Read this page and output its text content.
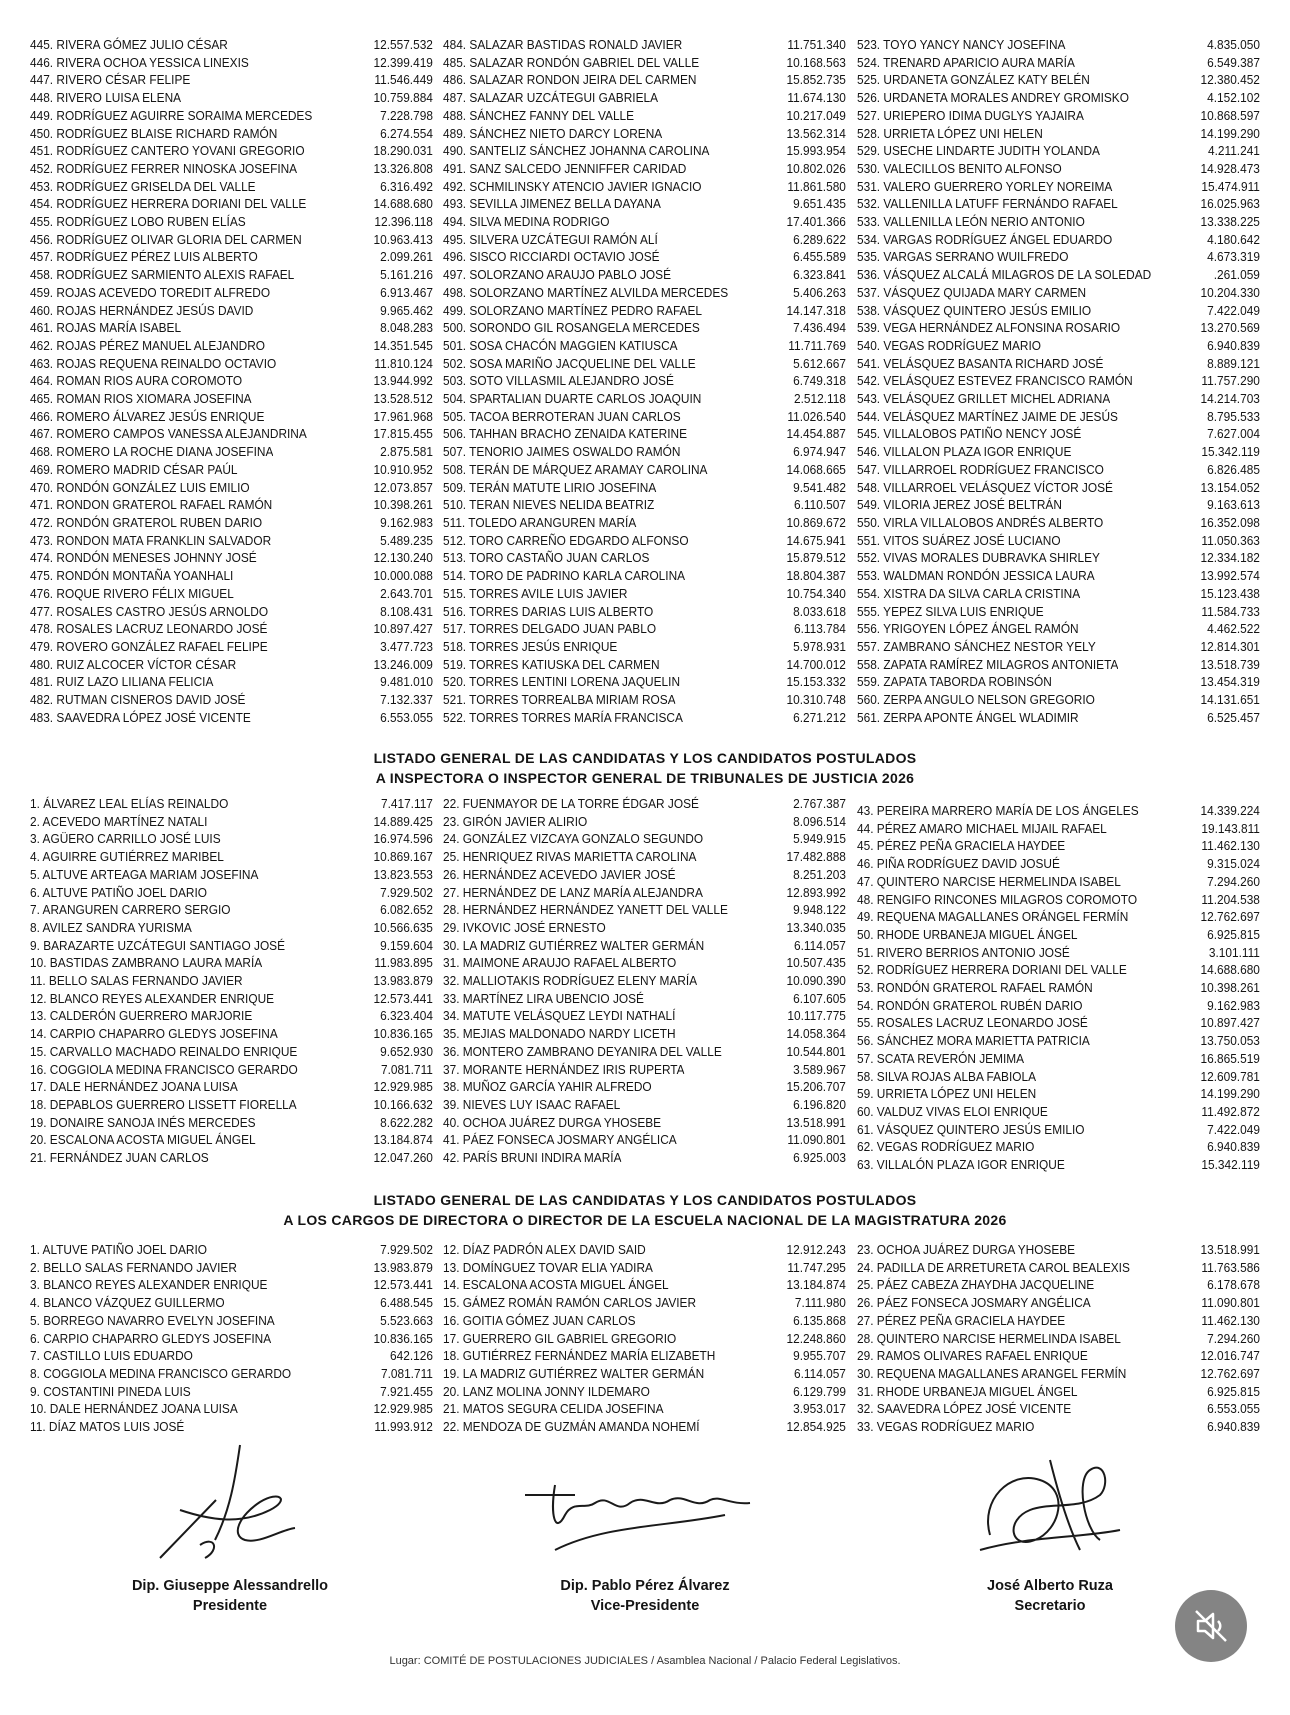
445. RIVERA GÓMEZ JULIO CÉSAR	12.557.532
446. RIVERA OCHOA YESSICA LINEXIS	12.399.419
447. RIVERO CÉSAR FELIPE	11.546.449
448. RIVERO LUISA ELENA	10.759.884
449. RODRÍGUEZ AGUIRRE SORAIMA MERCEDES	7.228.798
450. RODRÍGUEZ BLAISE RICHARD RAMÓN	6.274.554
451. RODRÍGUEZ CANTERO YOVANI GREGORIO	18.290.031
452. RODRÍGUEZ FERRER NINOSKA JOSEFINA	13.326.808
453. RODRÍGUEZ GRISELDA DEL VALLE	6.316.492
454. RODRÍGUEZ HERRERA DORIANI DEL VALLE	14.688.680
455. RODRÍGUEZ LOBO RUBEN ELÍAS	12.396.118
456. RODRÍGUEZ OLIVAR GLORIA DEL CARMEN	10.963.413
457. RODRÍGUEZ PÉREZ LUIS ALBERTO	2.099.261
458. RODRÍGUEZ SARMIENTO ALEXIS RAFAEL	5.161.216
459. ROJAS ACEVEDO TOREDIT ALFREDO	6.913.467
460. ROJAS HERNÁNDEZ JESÚS DAVID	9.965.462
461. ROJAS MARÍA ISABEL	8.048.283
462. ROJAS PÉREZ MANUEL ALEJANDRO	14.351.545
463. ROJAS REQUENA REINALDO OCTAVIO	11.810.124
464. ROMAN RIOS AURA COROMOTO	13.944.992
465. ROMAN RIOS XIOMARA JOSEFINA	13.528.512
466. ROMERO ÁLVAREZ JESÚS ENRIQUE	17.961.968
467. ROMERO CAMPOS VANESSA ALEJANDRINA	17.815.455
468. ROMERO LA ROCHE DIANA JOSEFINA	2.875.581
469. ROMERO MADRID CÉSAR PAÚL	10.910.952
470. RONDÓN GONZÁLEZ LUIS EMILIO	12.073.857
471. RONDON GRATEROL RAFAEL RAMÓN	10.398.261
472. RONDÓN GRATEROL RUBEN DARIO	9.162.983
473. RONDON MATA FRANKLIN SALVADOR	5.489.235
474. RONDÓN MENESES JOHNNY JOSÉ	12.130.240
475. RONDÓN MONTAÑA YOANHALI	10.000.088
476. ROQUE RIVERO FÉLIX MIGUEL	2.643.701
477. ROSALES CASTRO JESÚS ARNOLDO	8.108.431
478. ROSALES LACRUZ LEONARDO JOSÉ	10.897.427
479. ROVERO GONZÁLEZ RAFAEL FELIPE	3.477.723
480. RUIZ ALCOCER VÍCTOR CÉSAR	13.246.009
481. RUIZ LAZO LILIANA FELICIA	9.481.010
482. RUTMAN CISNEROS DAVID JOSÉ	7.132.337
483. SAAVEDRA LÓPEZ JOSÉ VICENTE	6.553.055
484. SALAZAR BASTIDAS RONALD JAVIER	11.751.340
485. SALAZAR RONDÓN GABRIEL DEL VALLE	10.168.563
486. SALAZAR RONDON JEIRA DEL CARMEN	15.852.735
487. SALAZAR UZCÁTEGUI GABRIELA	11.674.130
488. SÁNCHEZ FANNY DEL VALLE	10.217.049
489. SÁNCHEZ NIETO DARCY LORENA	13.562.314
490. SANTELIZ SÁNCHEZ JOHANNA CAROLINA	15.993.954
491. SANZ SALCEDO JENNIFFER CARIDAD	10.802.026
492. SCHMILINSKY ATENCIO JAVIER IGNACIO	11.861.580
493. SEVILLA JIMENEZ BELLA DAYANA	9.651.435
494. SILVA MEDINA RODRIGO	17.401.366
495. SILVERA UZCÁTEGUI RAMÓN ALÍ	6.289.622
496. SISCO RICCIARDI OCTAVIO JOSÉ	6.455.589
497. SOLORZANO ARAUJO PABLO JOSÉ	6.323.841
498. SOLORZANO MARTÍNEZ ALVILDA MERCEDES	5.406.263
499. SOLORZANO MARTÍNEZ PEDRO RAFAEL	14.147.318
500. SORONDO GIL ROSANGELA MERCEDES	7.436.494
501. SOSA CHACÓN MAGGIEN KATIUSCA	11.711.769
502. SOSA MARIÑO JACQUELINE DEL VALLE	5.612.667
503. SOTO VILLASMIL ALEJANDRO JOSÉ	6.749.318
504. SPARTALIAN DUARTE CARLOS JOAQUIN	2.512.118
505. TACOA BERROTERAN JUAN CARLOS	11.026.540
506. TAHHAN BRACHO ZENAIDA KATERINE	14.454.887
507. TENORIO JAIMES OSWALDO RAMÓN	6.974.947
508. TERÁN DE MÁRQUEZ ARAMAY CAROLINA	14.068.665
509. TERÁN MATUTE LIRIO JOSEFINA	9.541.482
510. TERAN NIEVES NELIDA BEATRIZ	6.110.507
511. TOLEDO ARANGUREN MARÍA	10.869.672
512. TORO CARREÑO EDGARDO ALFONSO	14.675.941
513. TORO CASTAÑO JUAN CARLOS	15.879.512
514. TORO DE PADRINO KARLA CAROLINA	18.804.387
515. TORRES AVILE LUIS JAVIER	10.754.340
516. TORRES DARIAS LUIS ALBERTO	8.033.618
517. TORRES DELGADO JUAN PABLO	6.113.784
518. TORRES JESÚS ENRIQUE	5.978.931
519. TORRES KATIUSKA DEL CARMEN	14.700.012
520. TORRES LENTINI LORENA JAQUELIN	15.153.332
521. TORRES TORREALBA MIRIAM ROSA	10.310.748
522. TORRES TORRES MARÍA FRANCISCA	6.271.212
523. TOYO YANCY NANCY JOSEFINA	4.835.050
524. TRENARD APARICIO AURA MARÍA	6.549.387
525. URDANETA GONZÁLEZ KATY BELÉN	12.380.452
526. URDANETA MORALES ANDREY GROMISKO	4.152.102
527. URIEPERO IDIMA DUGLYS YAJAIRA	10.868.597
528. URRIETA LÓPEZ UNI HELEN	14.199.290
529. USECHE LINDARTE JUDITH YOLANDA	4.211.241
530. VALECILLOS BENITO ALFONSO	14.928.473
531. VALERO GUERRERO YORLEY NOREIMA	15.474.911
532. VALLENILLA LATUFF FERNÁNDO RAFAEL	16.025.963
533. VALLENILLA LEÓN NERIO ANTONIO	13.338.225
534. VARGAS RODRÍGUEZ ÁNGEL EDUARDO	4.180.642
535. VARGAS SERRANO WUILFREDO	4.673.319
536. VÁSQUEZ ALCALÁ MILAGROS DE LA SOLEDAD	.261.059
537. VÁSQUEZ QUIJADA MARY CARMEN	10.204.330
538. VÁSQUEZ QUINTERO JESÚS EMILIO	7.422.049
539. VEGA HERNÁNDEZ ALFONSINA ROSARIO	13.270.569
540. VEGAS RODRÍGUEZ MARIO	6.940.839
541. VELÁSQUEZ BASANTA RICHARD JOSÉ	8.889.121
542. VELÁSQUEZ ESTEVEZ FRANCISCO RAMÓN	11.757.290
543. VELÁSQUEZ GRILLET MICHEL ADRIANA	14.214.703
544. VELÁSQUEZ MARTÍNEZ JAIME DE JESÚS	8.795.533
545. VILLALOBOS PATIÑO NENCY JOSÉ	7.627.004
546. VILLALON PLAZA IGOR ENRIQUE	15.342.119
547. VILLARROEL RODRÍGUEZ FRANCISCO	6.826.485
548. VILLARROEL VELÁSQUEZ VÍCTOR JOSÉ	13.154.052
549. VILORIA JEREZ JOSÉ BELTRÁN	9.163.613
550. VIRLA VILLALOBOS ANDRÉS ALBERTO	16.352.098
551. VITOS SUÁREZ JOSÉ LUCIANO	11.050.363
552. VIVAS MORALES DUBRAVKA SHIRLEY	12.334.182
553. WALDMAN RONDÓN JESSICA LAURA	13.992.574
554. XISTRA DA SILVA CARLA CRISTINA	15.123.438
555. YEPEZ SILVA LUIS ENRIQUE	11.584.733
556. YRIGOYEN LÓPEZ ÁNGEL RAMÓN	4.462.522
557. ZAMBRANO SÁNCHEZ NESTOR YELY	12.814.301
558. ZAPATA RAMÍREZ MILAGROS ANTONIETA	13.518.739
559. ZAPATA TABORDA ROBINSÓN	13.454.319
560. ZERPA ANGULO NELSON GREGORIO	14.131.651
561. ZERPA APONTE ÁNGEL WLADIMIR	6.525.457
LISTADO GENERAL DE LAS CANDIDATAS Y LOS CANDIDATOS POSTULADOS
A INSPECTORA O INSPECTOR GENERAL DE TRIBUNALES DE JUSTICIA 2026
1. ÁLVAREZ LEAL ELÍAS REINALDO	7.417.117
2. ACEVEDO MARTÍNEZ NATALI	14.889.425
3. AGÜERO CARRILLO JOSÉ LUIS	16.974.596
4. AGUIRRE GUTIÉRREZ MARIBEL	10.869.167
5. ALTUVE ARTEAGA MARIAM JOSEFINA	13.823.553
6. ALTUVE PATIÑO JOEL DARIO	7.929.502
7. ARANGUREN CARRERO SERGIO	6.082.652
8. AVILEZ SANDRA YURISMA	10.566.635
9. BARAZARTE UZCÁTEGUI SANTIAGO JOSÉ	9.159.604
10. BASTIDAS ZAMBRANO LAURA MARÍA	11.983.895
11. BELLO SALAS FERNANDO JAVIER	13.983.879
12. BLANCO REYES ALEXANDER ENRIQUE	12.573.441
13. CALDERÓN GUERRERO MARJORIE	6.323.404
14. CARPIO CHAPARRO GLEDYS JOSEFINA	10.836.165
15. CARVALLO MACHADO REINALDO ENRIQUE	9.652.930
16. COGGIOLA MEDINA FRANCISCO GERARDO	7.081.711
17. DALE HERNÁNDEZ JOANA LUISA	12.929.985
18. DEPABLOS GUERRERO LISSETT FIORELLA	10.166.632
19. DONAIRE SANOJA INÉS MERCEDES	8.622.282
20. ESCALONA ACOSTA MIGUEL ÁNGEL	13.184.874
21. FERNÁNDEZ JUAN CARLOS	12.047.260
22. FUENMAYOR DE LA TORRE ÉDGAR JOSÉ	2.767.387
23. GIRÓN JAVIER ALIRIO	8.096.514
24. GONZÁLEZ VIZCAYA GONZALO SEGUNDO	5.949.915
25. HENRIQUEZ RIVAS MARIETTA CAROLINA	17.482.888
26. HERNÁNDEZ ACEVEDO JAVIER JOSÉ	8.251.203
27. HERNÁNDEZ DE LANZ MARÍA ALEJANDRA	12.893.992
28. HERNÁNDEZ HERNÁNDEZ YANETT DEL VALLE	9.948.122
29. IVKOVIC JOSÉ ERNESTO	13.340.035
30. LA MADRIZ GUTIÉRREZ WALTER GERMÁN	6.114.057
31. MAIMONE ARAUJO RAFAEL ALBERTO	10.507.435
32. MALLIOTAKIS RODRÍGUEZ ELENY MARÍA	10.090.390
33. MARTÍNEZ LIRA UBENCIO JOSÉ	6.107.605
34. MATUTE VELÁSQUEZ LEYDI NATHALÍ	10.117.775
35. MEJIAS MALDONADO NARDY LICETH	14.058.364
36. MONTERO ZAMBRANO DEYANIRA DEL VALLE	10.544.801
37. MORANTE HERNÁNDEZ IRIS RUPERTA	3.589.967
38. MUÑOZ GARCÍA YAHIR ALFREDO	15.206.707
39. NIEVES LUY ISAAC RAFAEL	6.196.820
40. OCHOA JUÁREZ DURGA YHOSEBE	13.518.991
41. PÁEZ FONSECA JOSMARY ANGÉLICA	11.090.801
42. PARÍS BRUNI INDIRA MARÍA	6.925.003
43. PEREIRA MARRERO MARÍA DE LOS ÁNGELES	14.339.224
44. PÉREZ AMARO MICHAEL MIJAIL RAFAEL	19.143.811
45. PÉREZ PEÑA GRACIELA HAYDEE	11.462.130
46. PIÑA RODRÍGUEZ DAVID JOSUÉ	9.315.024
47. QUINTERO NARCISE HERMELINDA ISABEL	7.294.260
48. RENGIFO RINCONES MILAGROS COROMOTO	11.204.538
49. REQUENA MAGALLANES ORÁNGEL FERMÍN	12.762.697
50. RHODE URBANEJA MIGUEL ÁNGEL	6.925.815
51. RIVERO BERRIOS ANTONIO JOSÉ	3.101.111
52. RODRÍGUEZ HERRERA DORIANI DEL VALLE	14.688.680
53. RONDÓN GRATEROL RAFAEL RAMÓN	10.398.261
54. RONDÓN GRATEROL RUBÉN DARIO	9.162.983
55. ROSALES LACRUZ LEONARDO JOSÉ	10.897.427
56. SÁNCHEZ MORA MARIETTA PATRICIA	13.750.053
57. SCATA REVERÓN JEMIMA	16.865.519
58. SILVA ROJAS ALBA FABIOLA	12.609.781
59. URRIETA LÓPEZ UNI HELEN	14.199.290
60. VALDUZ VIVAS ELOI ENRIQUE	11.492.872
61. VÁSQUEZ QUINTERO JESÚS EMILIO	7.422.049
62. VEGAS RODRÍGUEZ MARIO	6.940.839
63. VILLALÓN PLAZA IGOR ENRIQUE	15.342.119
LISTADO GENERAL DE LAS CANDIDATAS Y LOS CANDIDATOS POSTULADOS
A LOS CARGOS DE DIRECTORA O DIRECTOR DE LA ESCUELA NACIONAL DE LA MAGISTRATURA 2026
1. ALTUVE PATIÑO JOEL DARIO	7.929.502
2. BELLO SALAS FERNANDO JAVIER	13.983.879
3. BLANCO REYES ALEXANDER ENRIQUE	12.573.441
4. BLANCO VÁZQUEZ GUILLERMO	6.488.545
5. BORREGO NAVARRO EVELYN JOSEFINA	5.523.663
6. CARPIO CHAPARRO GLEDYS JOSEFINA	10.836.165
7. CASTILLO LUIS EDUARDO	642.126
8. COGGIOLA MEDINA FRANCISCO GERARDO	7.081.711
9. COSTANTINI PINEDA LUIS	7.921.455
10. DALE HERNÁNDEZ JOANA LUISA	12.929.985
11. DÍAZ MATOS LUIS JOSÉ	11.993.912
12. DÍAZ PADRÓN ALEX DAVID SAID	12.912.243
13. DOMÍNGUEZ TOVAR ELIA YADIRA	11.747.295
14. ESCALONA ACOSTA MIGUEL ÁNGEL	13.184.874
15. GÁMEZ ROMÁN RAMÓN CARLOS JAVIER	7.111.980
16. GOITIA GÓMEZ JUAN CARLOS	6.135.868
17. GUERRERO GIL GABRIEL GREGORIO	12.248.860
18. GUTIÉRREZ FERNÁNDEZ MARÍA ELIZABETH	9.955.707
19. LA MADRIZ GUTIÉRREZ WALTER GERMÁN	6.114.057
20. LANZ MOLINA JONNY ILDEMARO	6.129.799
21. MATOS SEGURA CELIDA JOSEFINA	3.953.017
22. MENDOZA DE GUZMÁN AMANDA NOHEMÍ	12.854.925
23. OCHOA JUÁREZ DURGA YHOSEBE	13.518.991
24. PADILLA DE ARRETURETA CAROL BEALEXIS	11.763.586
25. PÁEZ CABEZA ZHAYDHA JACQUELINE	6.178.678
26. PÁEZ FONSECA JOSMARY ANGÉLICA	11.090.801
27. PÉREZ PEÑA GRACIELA HAYDEE	11.462.130
28. QUINTERO NARCISE HERMELINDA ISABEL	7.294.260
29. RAMOS OLIVARES RAFAEL ENRIQUE	12.016.747
30. REQUENA MAGALLANES ARANGEL FERMÍN	12.762.697
31. RHODE URBANEJA MIGUEL ÁNGEL	6.925.815
32. SAAVEDRA LÓPEZ JOSÉ VICENTE	6.553.055
33. VEGAS RODRÍGUEZ MARIO	6.940.839
Dip. Giuseppe Alessandrello
Presidente
Dip. Pablo Pérez Álvarez
Vice-Presidente
José Alberto Ruza
Secretario
Lugar: COMITÉ DE POSTULACIONES JUDICIALES / Asamblea Nacional / Palacio Federal Legislativos.
